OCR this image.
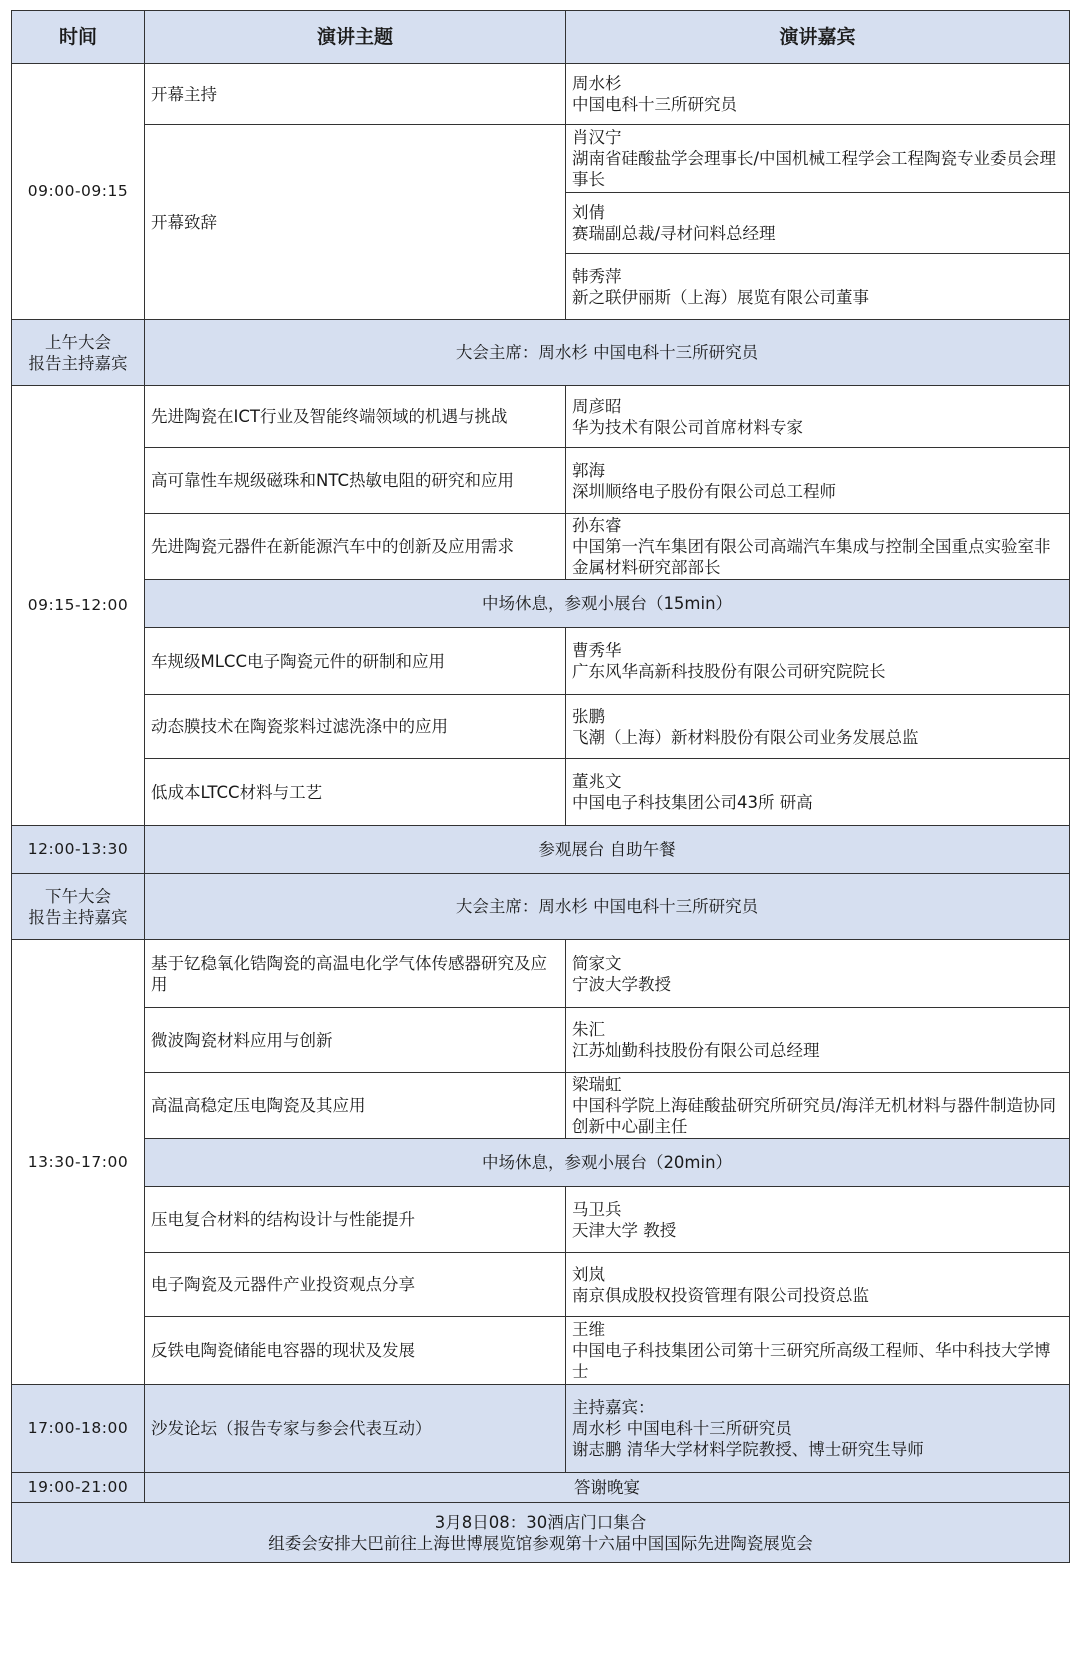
时间	演讲主题	演讲嘉宾
09:00-09:15	开幕主持	周水杉
中国电科十三所研究员

	开幕致辞	肖汉宁
湖南省硅酸盐学会理事长/中国机械工程学会工程陶瓷专业委员会理事长

		刘倩
赛瑞副总裁/寻材问料总经理

		韩秀萍
新之联伊丽斯（上海）展览有限公司董事

上午大会
报告主持嘉宾	大会主席：周水杉 中国电科十三所研究员	
09:15-12:00	先进陶瓷在ICT行业及智能终端领域的机遇与挑战	周彦昭
华为技术有限公司首席材料专家

	高可靠性车规级磁珠和NTC热敏电阻的研究和应用	郭海
深圳顺络电子股份有限公司总工程师

	先进陶瓷元器件在新能源汽车中的创新及应用需求	孙东睿
中国第一汽车集团有限公司高端汽车集成与控制全国重点实验室非金属材料研究部部长

	中场休息，参观小展台（15min）	
	车规级MLCC电子陶瓷元件的研制和应用	曹秀华
广东风华高新科技股份有限公司研究院院长

	动态膜技术在陶瓷浆料过滤洗涤中的应用	张鹏
飞潮（上海）新材料股份有限公司业务发展总监

	低成本LTCC材料与工艺	董兆文
中国电子科技集团公司43所 研高

12:00-13:30	参观展台 自助午餐	

下午大会
报告主持嘉宾	大会主席：周水杉 中国电科十三所研究员	
13:30-17:00	基于钇稳氧化锆陶瓷的高温电化学气体传感器研究及应用	简家文
宁波大学教授

	微波陶瓷材料应用与创新	朱汇
江苏灿勤科技股份有限公司总经理

	高温高稳定压电陶瓷及其应用	梁瑞虹
中国科学院上海硅酸盐研究所研究员/海洋无机材料与器件制造协同创新中心副主任

	中场休息，参观小展台（20min）	
	压电复合材料的结构设计与性能提升	马卫兵
天津大学 教授

	电子陶瓷及元器件产业投资观点分享	刘岚
南京俱成股权投资管理有限公司投资总监

	反铁电陶瓷储能电容器的现状及发展	王维
中国电子科技集团公司第十三研究所高级工程师、华中科技大学博士

17:00-18:00	沙发论坛（报告专家与参会代表互动）	主持嘉宾：
周水杉 中国电科十三所研究员
谢志鹏 清华大学材料学院教授、博士研究生导师

19:00-21:00	答谢晚宴	

3月8日08：30酒店门口集合
组委会安排大巴前往上海世博展览馆参观第十六届中国国际先进陶瓷展览会		
